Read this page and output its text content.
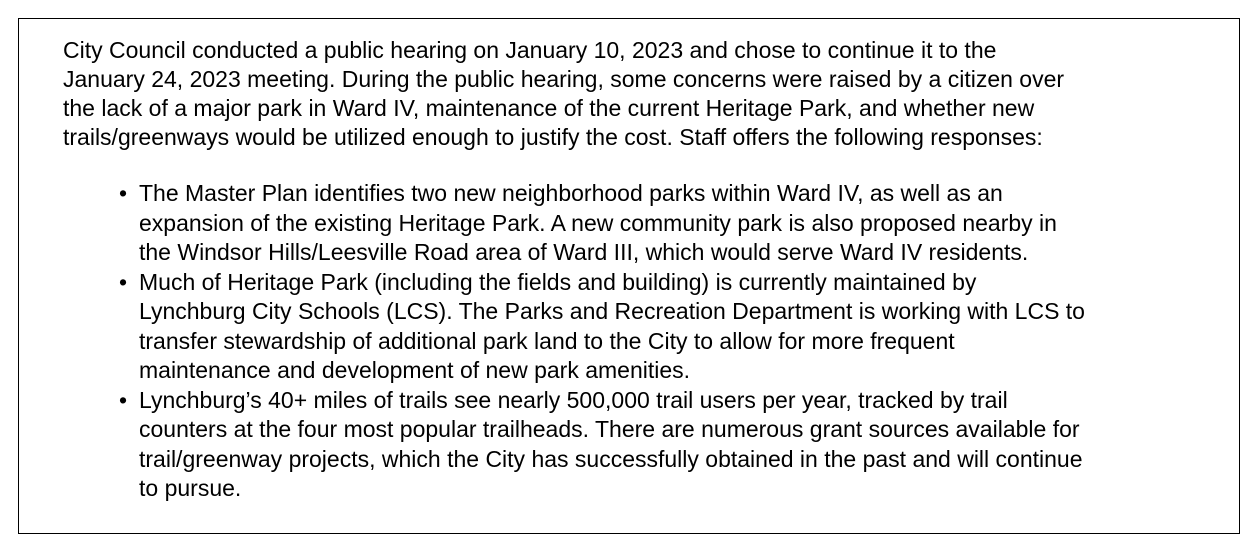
City Council conducted a public hearing on January 10, 2023 and chose to continue it to the
January 24, 2023 meeting. During the public hearing, some concerns were raised by a citizen over
the lack of a major park in Ward IV, maintenance of the current Heritage Park, and whether new
trails/greenways would be utilized enough to justify the cost. Staff offers the following responses:

• The Master Plan identifies two new neighborhood parks within Ward IV, as well as an
expansion of the existing Heritage Park. A new community park is also proposed nearby in
the Windsor Hills/Leesville Road area of Ward III, which would serve Ward IV residents.
• Much of Heritage Park (including the fields and building) is currently maintained by
Lynchburg City Schools (LCS). The Parks and Recreation Department is working with LCS to
transfer stewardship of additional park land to the City to allow for more frequent
maintenance and development of new park amenities.
• Lynchburg’s 40+ miles of trails see nearly 500,000 trail users per year, tracked by trail
counters at the four most popular trailheads. There are numerous grant sources available for
trail/greenway projects, which the City has successfully obtained in the past and will continue
to pursue.
